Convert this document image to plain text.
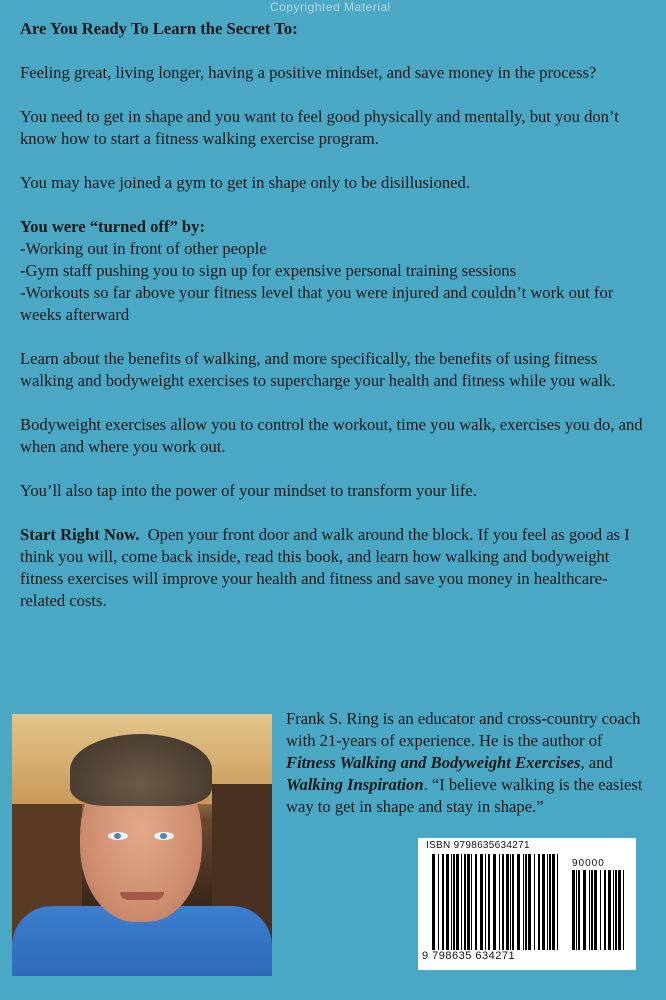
Copyrighted Material

Are You Ready To Learn the Secret To:

Feeling great, living longer, having a positive mindset, and save money in the process?

You need to get in shape and you want to feel good physically and mentally, but you don’t know how to start a fitness walking exercise program.

You may have joined a gym to get in shape only to be disillusioned.

You were “turned off” by:

-Working out in front of other people
-Gym staff pushing you to sign up for expensive personal training sessions
-Workouts so far above your fitness level that you were injured and couldn’t work out for weeks afterward

Learn about the benefits of walking, and more specifically, the benefits of using fitness walking and bodyweight exercises to supercharge your health and fitness while you walk.

Bodyweight exercises allow you to control the workout, time you walk, exercises you do, and when and where you work out.

You’ll also tap into the power of your mindset to transform your life.

Start Right Now. Open your front door and walk around the block. If you feel as good as I think you will, come back inside, read this book, and learn how walking and bodyweight fitness exercises will improve your health and fitness and save you money in healthcare-related costs.

Frank S. Ring is an educator and cross-country coach with 21-years of experience. He is the author of Fitness Walking and Bodyweight Exercises, and Walking Inspiration. “I believe walking is the easiest way to get in shape and stay in shape.”
ISBN 9798635634271
90000
9 798635 634271
